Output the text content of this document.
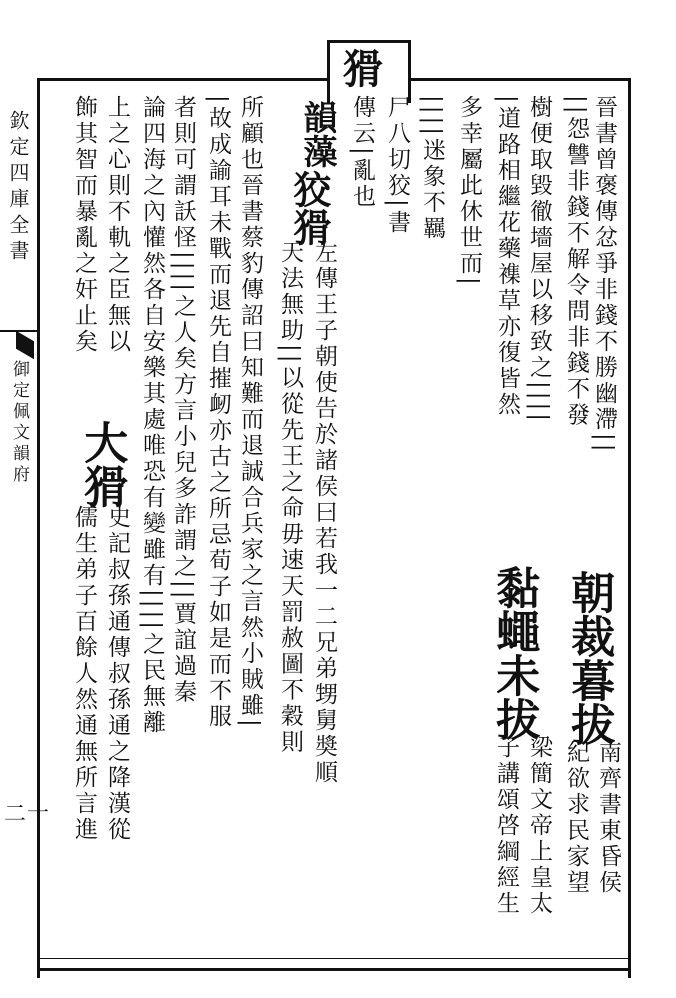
猾
欽定四庫全書
御定佩文韻府
二十
晉書曾褒傳忿爭非錢不勝幽滯||
||怨讐非錢不解令問非錢不發
樹便取毀徹墻屋以移致之||||
|道路相繼花藥襍草亦復皆然
多幸屬此休世而|
||||迷象不羈
尸八切狡|書
傳云|亂也
韻藻
狡猾
左傳王子朝使告於諸侯曰若我一二兄弟甥舅奬順
天法無助||以從先王之命毋速天罰赦圖不穀則
所顧也晉書蔡豹傳詔曰知難而退誠合兵家之言然小賊雖|
|故成諭耳未戰而退先自摧衂亦古之所忌荀子如是而不服
者則可謂訞怪||||之人矣方言小兒多詐謂之||賈誼過秦
論四海之內懽然各自安樂其處唯恐有變雖有||||之民無離
上之心則不軌之臣無以
飾其智而暴亂之奸止矣
大猾
史記叔孫通傳叔孫通之降漢從
儒生弟子百餘人然通無所言進	朝裁暮拔
南齊書東昏侯
紀欲求民家望
黏蠅未拔
梁簡文帝上皇太
子講頌啓綱經生
